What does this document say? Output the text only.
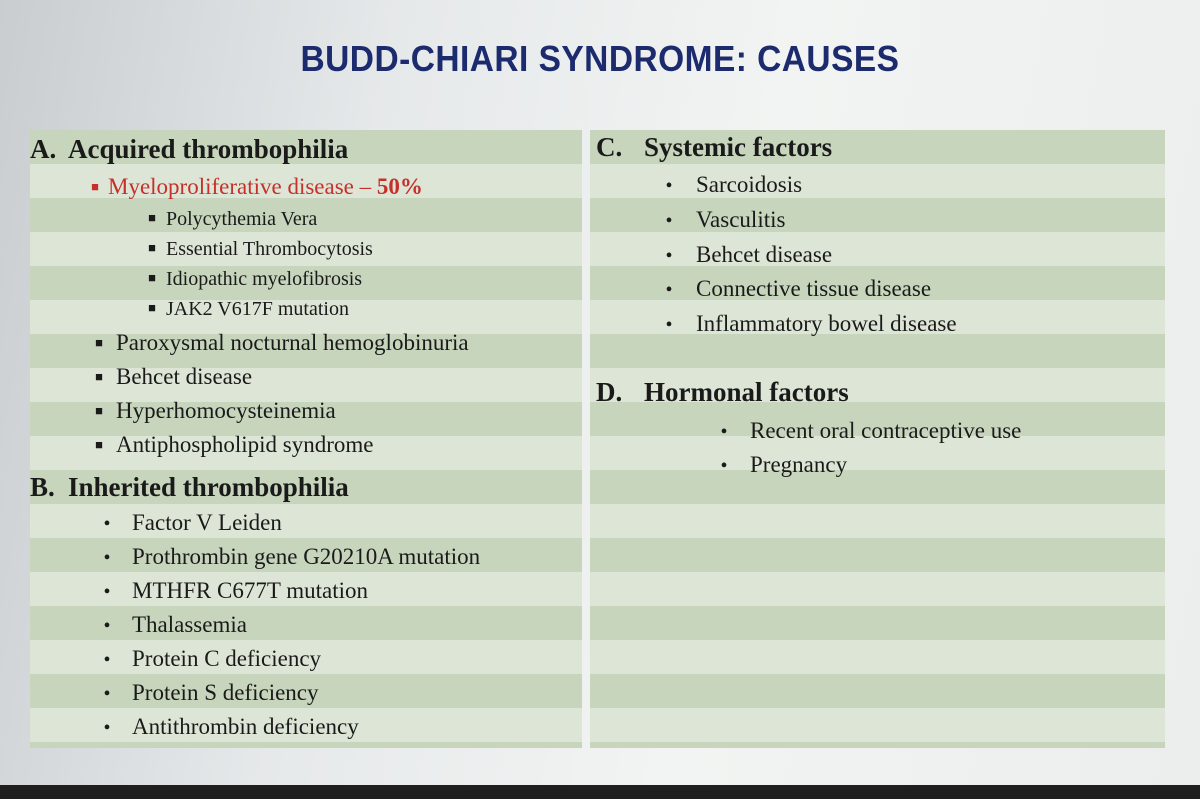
BUDD-CHIARI SYNDROME: CAUSES
A. Acquired thrombophilia
■ Myeloproliferative disease – 50%
■ Polycythemia Vera
■ Essential Thrombocytosis
■ Idiopathic myelofibrosis
■ JAK2 V617F mutation
■ Paroxysmal nocturnal hemoglobinuria
■ Behcet disease
■ Hyperhomocysteinemia
■ Antiphospholipid syndrome
B. Inherited thrombophilia
• Factor V Leiden
• Prothrombin gene G20210A mutation
• MTHFR C677T mutation
• Thalassemia
• Protein C deficiency
• Protein S deficiency
• Antithrombin deficiency
C. Systemic factors
• Sarcoidosis
• Vasculitis
• Behcet disease
• Connective tissue disease
• Inflammatory bowel disease
D. Hormonal factors
• Recent oral contraceptive use
• Pregnancy
